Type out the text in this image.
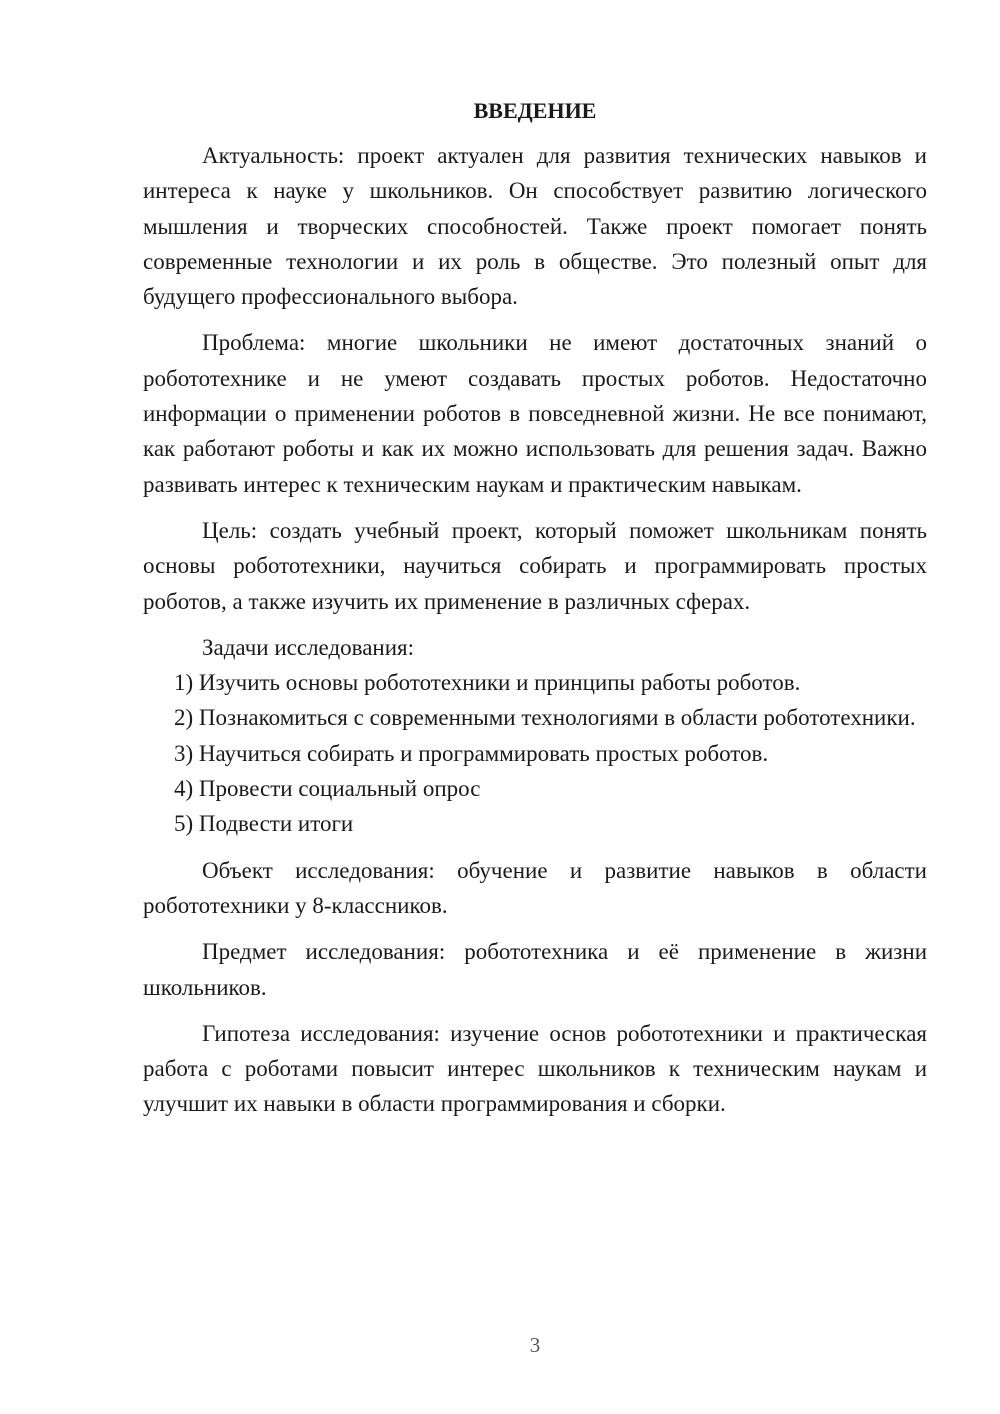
ВВЕДЕНИЕ

Актуальность: проект актуален для развития технических навыков и интереса к науке у школьников. Он способствует развитию логического мышления и творческих способностей. Также проект помогает понять современные технологии и их роль в обществе. Это полезный опыт для будущего профессионального выбора.

Проблема: многие школьники не имеют достаточных знаний о робототехнике и не умеют создавать простых роботов. Недостаточно информации о применении роботов в повседневной жизни. Не все понимают, как работают роботы и как их можно использовать для решения задач. Важно развивать интерес к техническим наукам и практическим навыкам.

Цель: создать учебный проект, который поможет школьникам понять основы робототехники, научиться собирать и программировать простых роботов, а также изучить их применение в различных сферах.

Задачи исследования:

1) Изучить основы робототехники и принципы работы роботов.

2) Познакомиться с современными технологиями в области робототехники.

3) Научиться собирать и программировать простых роботов.

4) Провести социальный опрос

5) Подвести итоги

Объект исследования: обучение и развитие навыков в области робототехники у 8-классников.

Предмет исследования: робототехника и её применение в жизни школьников.

Гипотеза исследования: изучение основ робототехники и практическая работа с роботами повысит интерес школьников к техническим наукам и улучшит их навыки в области программирования и сборки.

3
